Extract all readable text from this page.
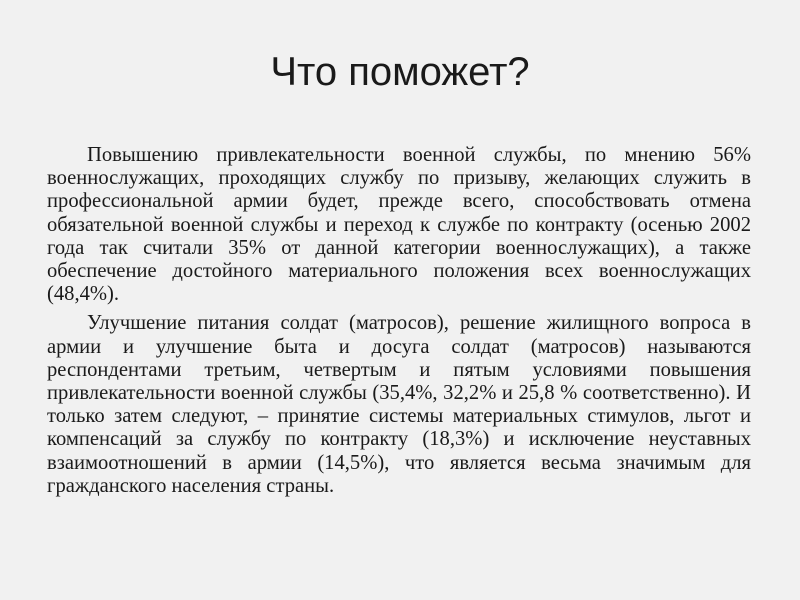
Что поможет?

Повышению привлекательности военной службы, по мнению 56% военнослужащих, проходящих службу по призыву, желающих служить в профессиональной армии будет, прежде всего, способствовать отмена обязательной военной службы и переход к службе по контракту (осенью 2002 года так считали 35% от данной категории военнослужащих), а также обеспечение достойного материального положения всех военнослужащих (48,4%).

Улучшение питания солдат (матросов), решение жилищного вопроса в армии и улучшение быта и досуга солдат (матросов) называются респондентами третьим, четвертым и пятым условиями повышения привлекательности военной службы (35,4%, 32,2% и 25,8 % соответственно). И только затем следуют, – принятие системы материальных стимулов, льгот и компенсаций за службу по контракту (18,3%) и исключение неуставных взаимоотношений в армии (14,5%), что является весьма значимым для гражданского населения страны.
